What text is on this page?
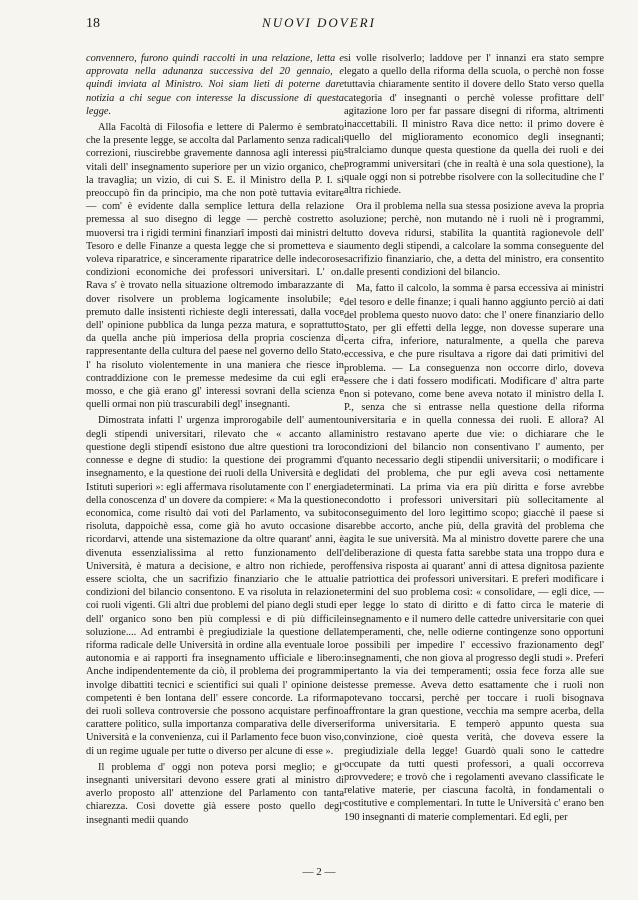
18	NUOVI DOVERI

convennero, furono quindi raccolti in una relazione, letta e approvata nella adunanza successiva del 20 gennaio, e quindi inviata al Ministro. Noi siam lieti di poterne dare notizia a chi segue con interesse la discussione di questa legge.

Alla Facoltà di Filosofia e lettere di Palermo è sembrato che la presente legge, se accolta dal Parlamento senza radicali correzioni, riuscirebbe gravemente dannosa agli interessi più vitali dell' insegnamento superiore per un vizio organico, che la travaglia; un vizio, di cui S. E. il Ministro della P. I. si preoccupò fin da principio, ma che non potè tuttavia evitare — com' è evidente dalla semplice lettura della relazione premessa al suo disegno di legge — perchè costretto a muoversi tra i rigidi termini finanziarî imposti dai ministri del Tesoro e delle Finanze a questa legge che si prometteva e si voleva riparatrice, e sinceramente riparatrice delle indecorose condizioni economiche dei professori universitari. L' on. Rava s' è trovato nella situazione oltremodo imbarazzante di dover risolvere un problema logicamente insolubile; e premuto dalle insistenti richieste degli interessati, dalla voce dell' opinione pubblica da lunga pezza matura, e soprattutto da quella anche più imperiosa della propria coscienza di rappresentante della cultura del paese nel governo dello Stato, l' ha risoluto violentemente in una maniera che riesce in contraddizione con le premesse medesime da cui egli era mosso, e che già erano gl' interessi sovrani della scienza e quelli ormai non più trascurabili degl' insegnanti.

Dimostrata infatti l' urgenza improrogabile dell' aumento degli stipendi universitari, rilevato che « accanto alla questione degli stipendî esistono due altre questioni tra loro connesse e degne di studio: la questione dei programmi d' insegnamento, e la questione dei ruoli della Università e degli Istituti superiori »: egli affermava risolutamente con l' energia della conoscenza d' un dovere da compiere: « Ma la questione economica, come risultò dai voti del Parlamento, va subito risoluta, dappoichè essa, come già ho avuto occasione di ricordarvi, attende una sistemazione da oltre quarant' anni, è divenuta essenzialissima al retto funzionamento dell' Università, è matura a decisione, e altro non richiede, per essere sciolta, che un sacrifizio finanziario che le attuali condizioni del bilancio consentono. E va risoluta in relazione coi ruoli vigenti. Gli altri due problemi del piano degli studi e dell' organico sono ben più complessi e di più difficile soluzione.... Ad entrambi è pregiudiziale la questione della riforma radicale delle Università in ordine alla eventuale loro autonomia e ai rapporti fra insegnamento ufficiale e libero: Anche indipendentemente da ciò, il problema dei programmi involge dibattiti tecnici e scientifici sui quali l' opinione dei competenti è ben lontana dell' essere concorde. La riforma dei ruoli solleva controversie che possono acquistare perfino carattere politico, sulla importanza comparativa delle diverse Università e la convenienza, cui il Parlamento fece buon viso, di un regime uguale per tutte o diverso per alcune di esse ».

Il problema d' oggi non poteva porsi meglio; e gl' insegnanti universitari devono essere grati al ministro di averlo proposto all' attenzione del Parlamento con tanta chiarezza. Così dovette già essere posto quello degl' insegnanti medii quando

si volle risolverlo; laddove per l' innanzi era stato sempre legato a quello della riforma della scuola, o perchè non fosse tuttavia chiaramente sentito il dovere dello Stato verso quella categoria d' insegnanti o perchè volesse profittare dell' agitazione loro per far passare disegni di riforma, altrimenti inaccettabili. Il ministro Rava dice netto: il primo dovere è quello del miglioramento economico degli insegnanti; stralciamo dunque questa questione da quella dei ruoli e dei programmi universitari (che in realtà è una sola questione), la quale oggi non si potrebbe risolvere con la sollecitudine che l' altra richiede.

Ora il problema nella sua stessa posizione aveva la propria soluzione; perchè, non mutando nè i ruoli nè i programmi, tutto doveva ridursi, stabilita la quantità ragionevole dell' aumento degli stipendi, a calcolare la somma conseguente del sacrifizio finanziario, che, a detta del ministro, era consentito dalle presenti condizioni del bilancio.

Ma, fatto il calcolo, la somma è parsa eccessiva ai ministri del tesoro e delle finanze; i quali hanno aggiunto perciò ai dati del problema questo nuovo dato: che l' onere finanziario dello Stato, per gli effetti della legge, non dovesse superare una certa cifra, inferiore, naturalmente, a quella che pareva eccessiva, e che pure risultava a rigore dai dati primitivi del problema. — La conseguenza non occorre dirlo, doveva essere che i dati fossero modificati. Modificare d' altra parte non si potevano, come bene aveva notato il ministro della I. P., senza che si entrasse nella questione della riforma universitaria e in quella connessa dei ruoli. E allora? Al ministro restavano aperte due vie: o dichiarare che le condizioni del bilancio non consentivano l' aumento, per quanto necessario degli stipendii universitarii; o modificare i dati del problema, che pur egli aveva così nettamente determinati. La prima via era più diritta e forse avrebbe condotto i professori universitari più sollecitamente al conseguimento del loro legittimo scopo; giacchè il paese si sarebbe accorto, anche più, della gravità del problema che agita le sue università. Ma al ministro dovette parere che una deliberazione di questa fatta sarebbe stata una troppo dura e offensiva risposta ai quarant' anni di attesa dignitosa paziente e patriottica dei professori universitari. E preferì modificare i termini del suo problema così: « consolidare, — egli dice, — per legge lo stato di diritto e di fatto circa le materie di insegnamento e il numero delle cattedre universitarie con quei temperamenti, che, nelle odierne contingenze sono opportuni e possibili per impedire l' eccessivo frazionamento degl' insegnamenti, che non giova al progresso degli studi ». Preferì pertanto la via dei temperamenti; ossia fece forza alle sue stesse premesse. Aveva detto esattamente che i ruoli non potevano toccarsi, perchè per toccare i ruoli bisognava affrontare la gran questione, vecchia ma sempre acerba, della riforma universitaria. E temperò appunto questa sua convinzione, cioè questa verità, che doveva essere la pregiudiziale della legge! Guardò quali sono le cattedre occupate da tutti questi professori, a quali occorreva provvedere; e trovò che i regolamenti avevano classificate le relative materie, per ciascuna facoltà, in fondamentali o costitutive e complementari. In tutte le Università c' erano ben 190 insegnanti di materie complementari. Ed egli, per

— 2 —
